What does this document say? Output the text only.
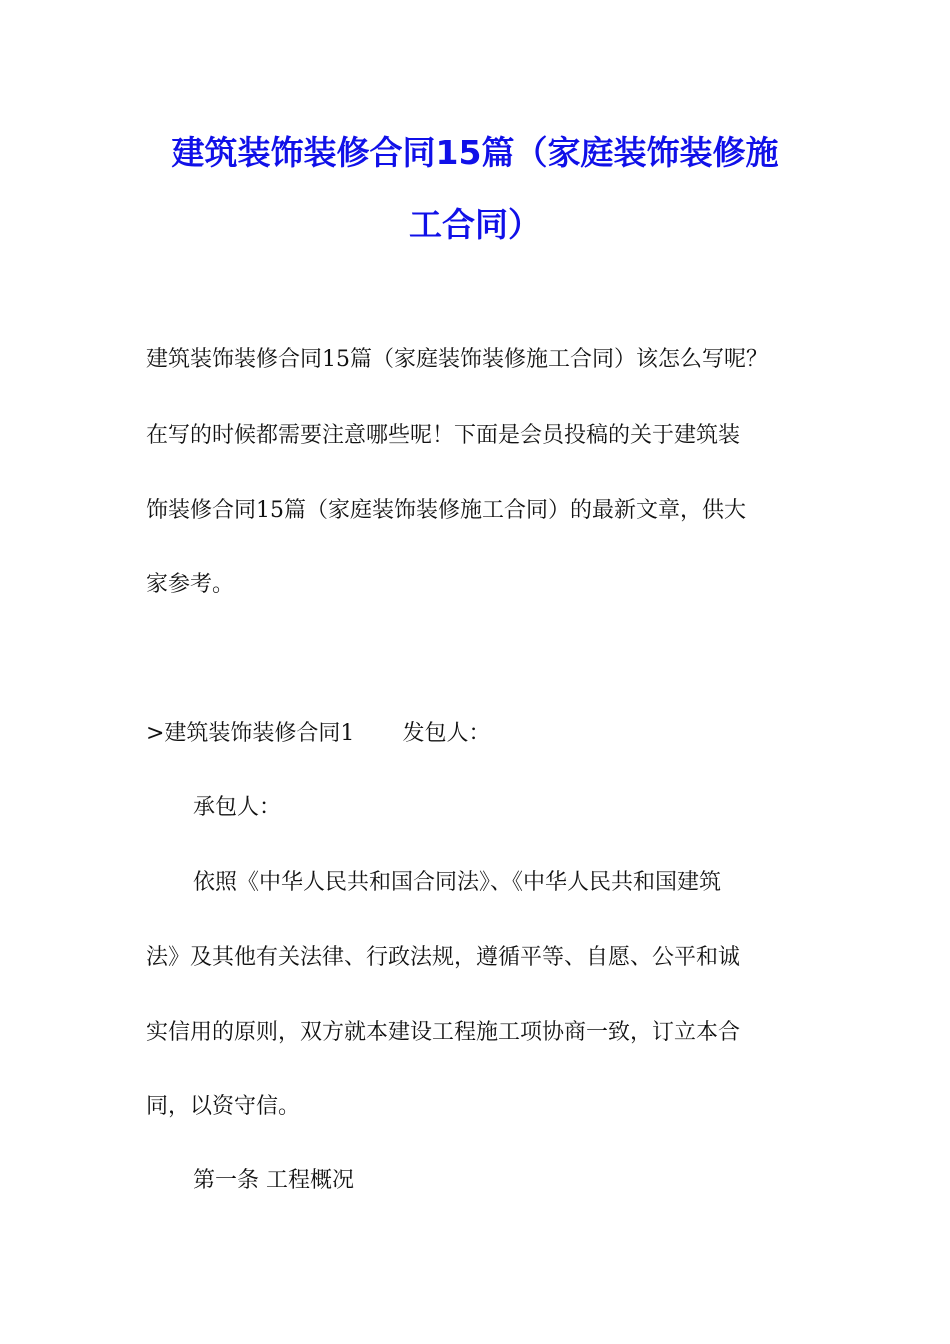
建筑装饰装修合同15篇（家庭装饰装修施
工合同）

建筑装饰装修合同15篇（家庭装饰装修施工合同）该怎么写呢？

在写的时候都需要注意哪些呢！下面是会员投稿的关于建筑装

饰装修合同15篇（家庭装饰装修施工合同）的最新文章，供大

家参考。

>建筑装饰装修合同1 发包人：

承包人：

依照《中华人民共和国合同法》、《中华人民共和国建筑

法》及其他有关法律、行政法规，遵循平等、自愿、公平和诚

实信用的原则，双方就本建设工程施工项协商一致，订立本合

同，以资守信。

第一条 工程概况
